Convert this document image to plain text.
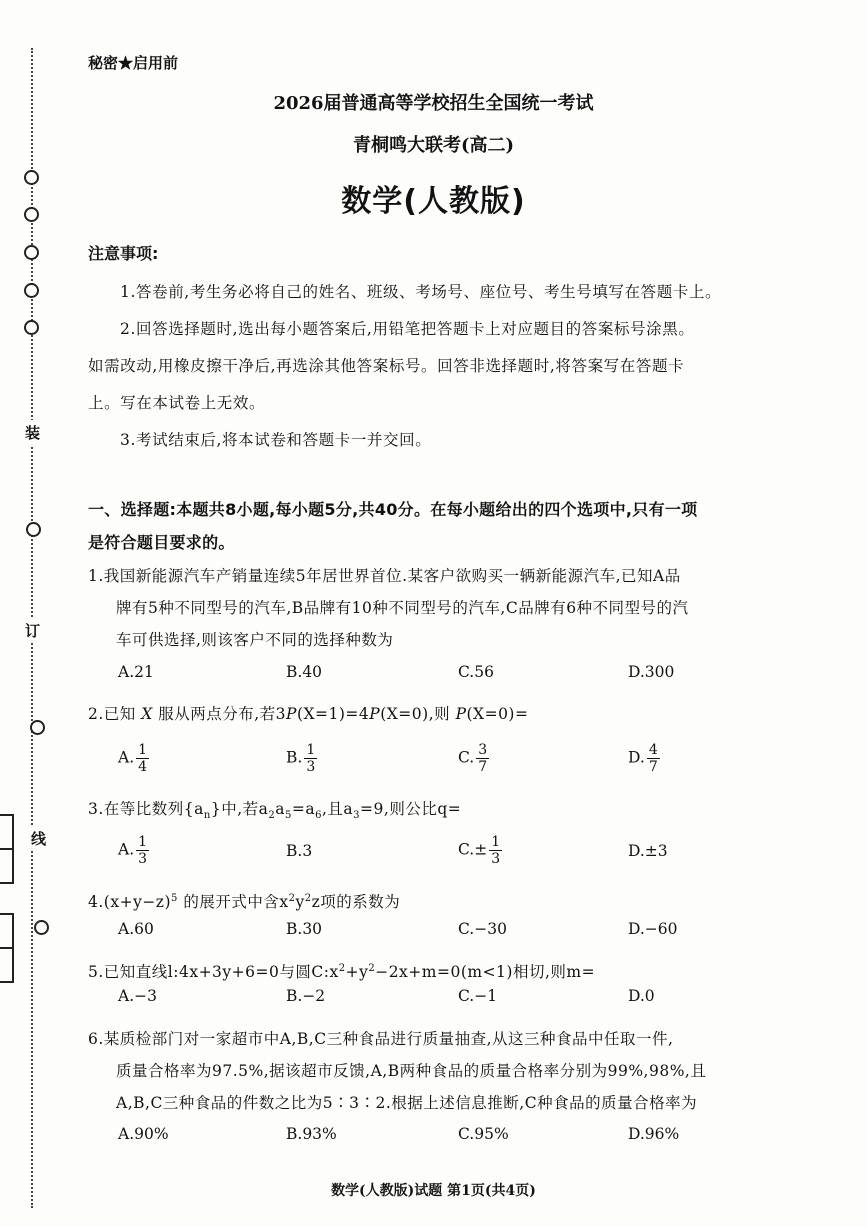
装
订
线
秘密★启用前
2026届普通高等学校招生全国统一考试
青桐鸣大联考(高二)
数学(人教版)
注意事项:
1.答卷前,考生务必将自己的姓名、班级、考场号、座位号、考生号填写在答题卡上。
2.回答选择题时,选出每小题答案后,用铅笔把答题卡上对应题目的答案标号涂黑。
如需改动,用橡皮擦干净后,再选涂其他答案标号。回答非选择题时,将答案写在答题卡
上。写在本试卷上无效。
3.考试结束后,将本试卷和答题卡一并交回。
一、选择题:本题共8小题,每小题5分,共40分。在每小题给出的四个选项中,只有一项
是符合题目要求的。
1.我国新能源汽车产销量连续5年居世界首位.某客户欲购买一辆新能源汽车,已知A品
牌有5种不同型号的汽车,B品牌有10种不同型号的汽车,C品牌有6种不同型号的汽
车可供选择,则该客户不同的选择种数为
A.21	B.40	C.56	D.300
2.已知 X 服从两点分布,若3P(X=1)=4P(X=0),则 P(X=0)=
A. $\frac{1}{4}$	B. $\frac{1}{3}$	C. $\frac{3}{7}$	D. $\frac{4}{7}$
3.在等比数列$\{a_n\}$中,若$a_2a_5=a_6$,且$a_3=9$,则公比q=
A. $\frac{1}{3}$	B.3	$C.\pm \frac{1}{3}$	D.±3
$4.(x+y-z)^5$ 的展开式中含$x^2y^2z$项的系数为
A.60	B.30	C.−30	D.−60
5.已知直线l:4x+3y+6=0与圆$C:x^2+y^2-2x+m=0(m<1)$相切,则m=
A.−3	B.−2	C.−1	D.0
6.某质检部门对一家超市中A,B,C三种食品进行质量抽查,从这三种食品中任取一件,
质量合格率为97.5%,据该超市反馈,A,B两种食品的质量合格率分别为99%,98%,且
A,B,C三种食品的件数之比为5∶3∶2.根据上述信息推断,C种食品的质量合格率为
A.90%	B.93%	C.95%	D.96%
数学(人教版)试题 第1页(共4页)
